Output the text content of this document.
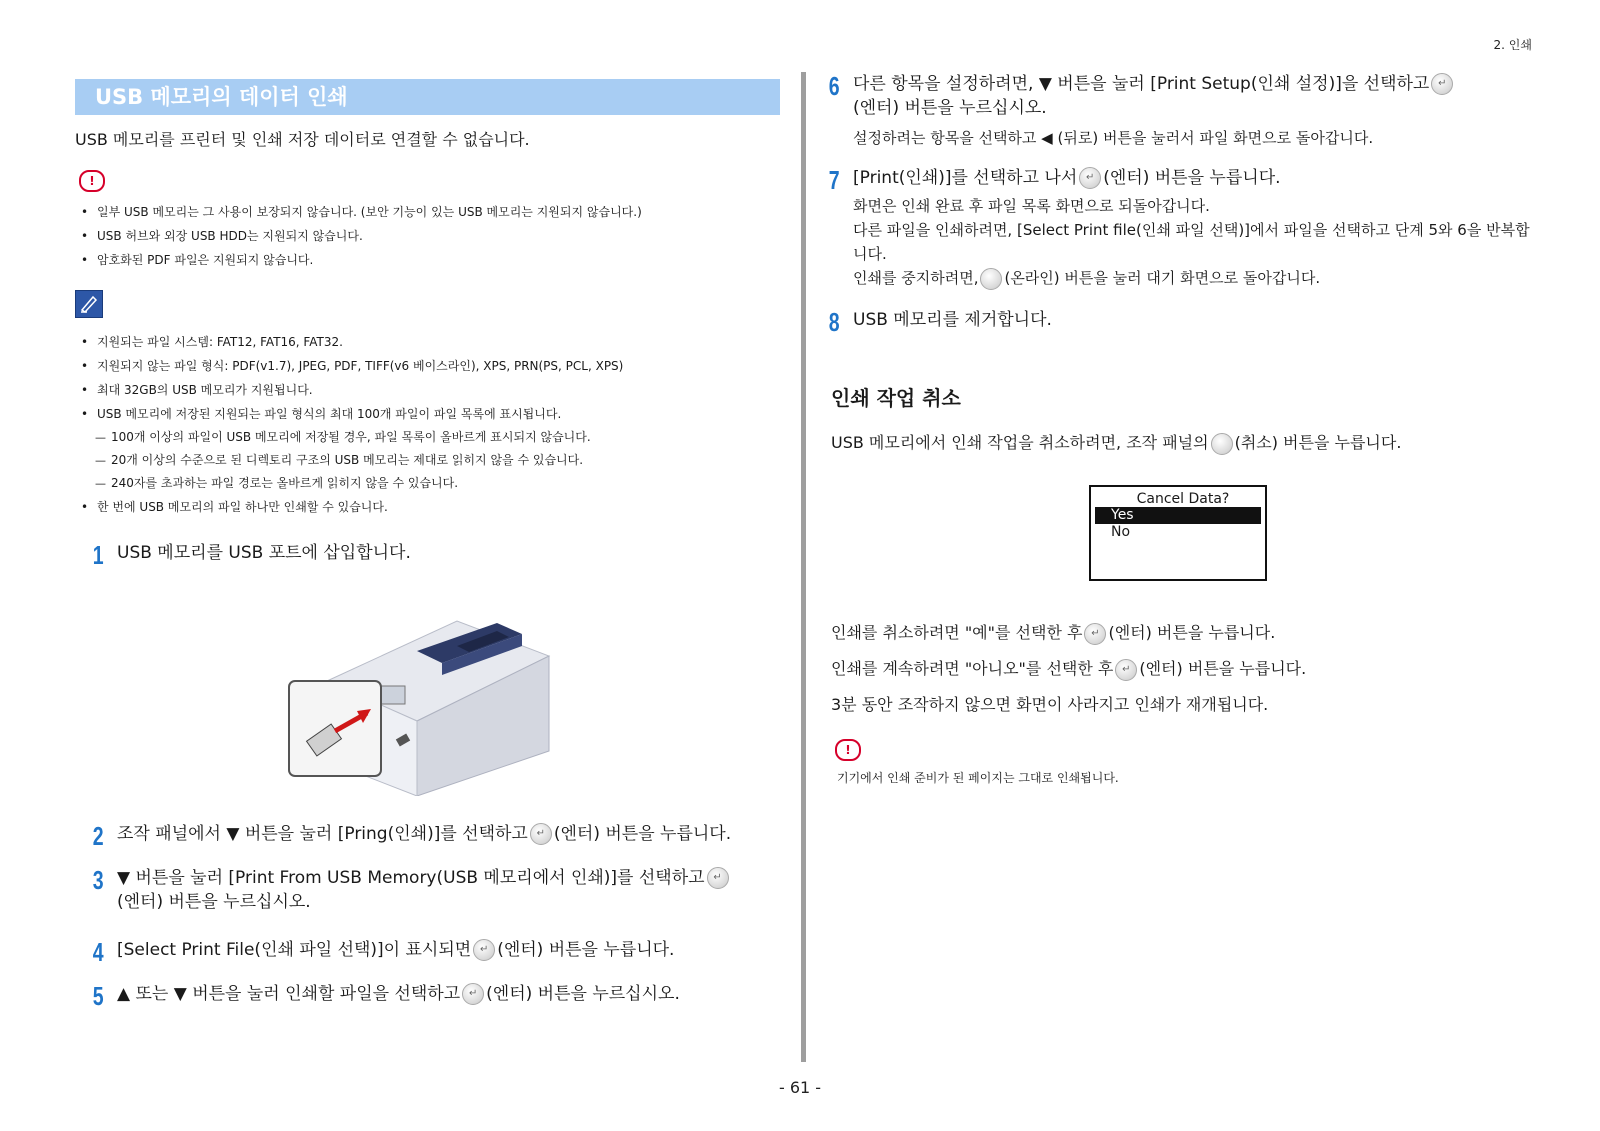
2. 인쇄
USB 메모리의 데이터 인쇄
USB 메모리를 프린터 및 인쇄 저장 데이터로 연결할 수 없습니다.
!
• 일부 USB 메모리는 그 사용이 보장되지 않습니다. (보안 기능이 있는 USB 메모리는 지원되지 않습니다.)
• USB 허브와 외장 USB HDD는 지원되지 않습니다.
• 암호화된 PDF 파일은 지원되지 않습니다.
• 지원되는 파일 시스템: FAT12, FAT16, FAT32.
• 지원되지 않는 파일 형식: PDF(v1.7), JPEG, PDF, TIFF(v6 베이스라인), XPS, PRN(PS, PCL, XPS)
• 최대 32GB의 USB 메모리가 지원됩니다.
• USB 메모리에 저장된 지원되는 파일 형식의 최대 100개 파일이 파일 목록에 표시됩니다.
— 100개 이상의 파일이 USB 메모리에 저장될 경우, 파일 목록이 올바르게 표시되지 않습니다.
— 20개 이상의 수준으로 된 디렉토리 구조의 USB 메모리는 제대로 읽히지 않을 수 있습니다.
— 240자를 초과하는 파일 경로는 올바르게 읽히지 않을 수 있습니다.
• 한 번에 USB 메모리의 파일 하나만 인쇄할 수 있습니다.
1 USB 메모리를 USB 포트에 삽입합니다.
2 조작 패널에서 ▼ 버튼을 눌러 [Pring(인쇄)]를 선택하고 ↵ (엔터) 버튼을 누릅니다.
3 ▼ 버튼을 눌러 [Print From USB Memory(USB 메모리에서 인쇄)]를 선택하고 ↵
(엔터) 버튼을 누르십시오.
4 [Select Print File(인쇄 파일 선택)]이 표시되면 ↵ (엔터) 버튼을 누릅니다.
5 ▲ 또는 ▼ 버튼을 눌러 인쇄할 파일을 선택하고 ↵ (엔터) 버튼을 누르십시오.
6 다른 항목을 설정하려면, ▼ 버튼을 눌러 [Print Setup(인쇄 설정)]을 선택하고 ↵
(엔터) 버튼을 누르십시오.
설정하려는 항목을 선택하고 ◀ (뒤로) 버튼을 눌러서 파일 화면으로 돌아갑니다.
7 [Print(인쇄)]를 선택하고 나서 ↵ (엔터) 버튼을 누릅니다.
화면은 인쇄 완료 후 파일 목록 화면으로 되돌아갑니다.
다른 파일을 인쇄하려면, [Select Print file(인쇄 파일 선택)]에서 파일을 선택하고 단계 5와 6을 반복합니다.
인쇄를 중지하려면, (온라인) 버튼을 눌러 대기 화면으로 돌아갑니다.
8 USB 메모리를 제거합니다.
인쇄 작업 취소
USB 메모리에서 인쇄 작업을 취소하려면, 조작 패널의 (취소) 버튼을 누릅니다.
Cancel Data?
Yes
No
인쇄를 취소하려면 "예"를 선택한 후 ↵ (엔터) 버튼을 누릅니다.
인쇄를 계속하려면 "아니오"를 선택한 후 ↵ (엔터) 버튼을 누릅니다.
3분 동안 조작하지 않으면 화면이 사라지고 인쇄가 재개됩니다.
!
기기에서 인쇄 준비가 된 페이지는 그대로 인쇄됩니다.
- 61 -
